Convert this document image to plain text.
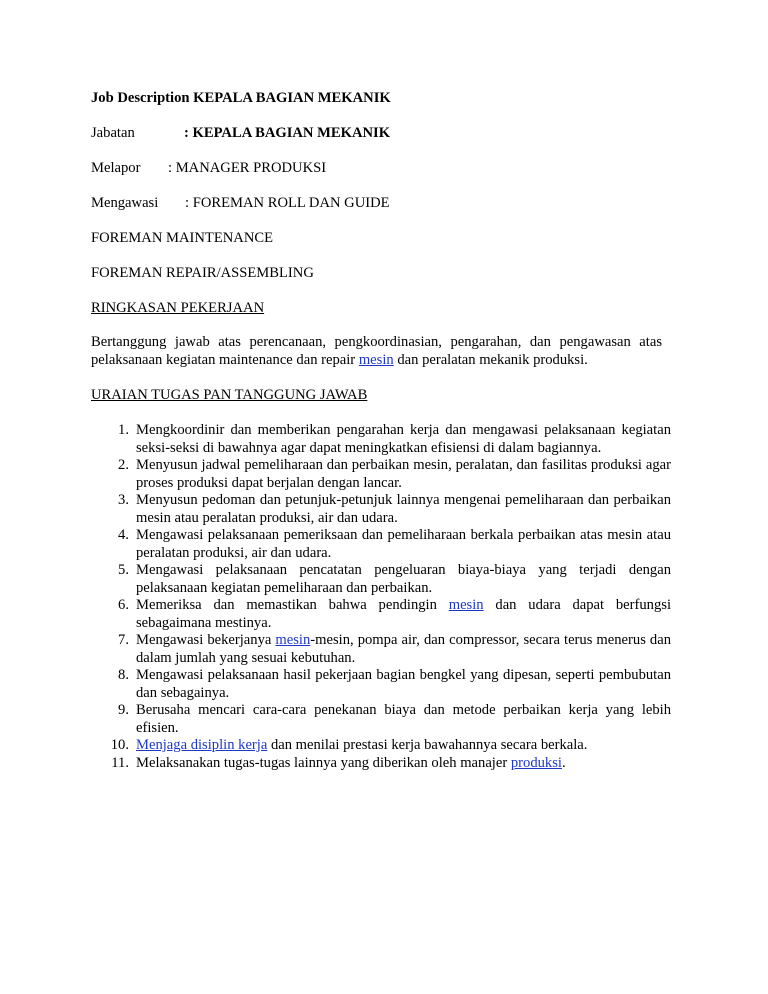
Job Description KEPALA BAGIAN MEKANIK
Jabatan	: KEPALA BAGIAN MEKANIK
Melapor : MANAGER PRODUKSI
Mengawasi : FOREMAN ROLL DAN GUIDE
FOREMAN MAINTENANCE
FOREMAN REPAIR/ASSEMBLING
RINGKASAN PEKERJAAN
Bertanggung jawab atas perencanaan, pengkoordinasian, pengarahan, dan pengawasan atas pelaksanaan kegiatan maintenance dan repair mesin dan peralatan mekanik produksi.
URAIAN TUGAS PAN TANGGUNG JAWAB
1. Mengkoordinir dan memberikan pengarahan kerja dan mengawasi pelaksanaan kegiatan seksi-seksi di bawahnya agar dapat meningkatkan efisiensi di dalam bagiannya.
2. Menyusun jadwal pemeliharaan dan perbaikan mesin, peralatan, dan fasilitas produksi agar proses produksi dapat berjalan dengan lancar.
3. Menyusun pedoman dan petunjuk-petunjuk lainnya mengenai pemeliharaan dan perbaikan mesin atau peralatan produksi, air dan udara.
4. Mengawasi pelaksanaan pemeriksaan dan pemeliharaan berkala perbaikan atas mesin atau peralatan produksi, air dan udara.
5. Mengawasi pelaksanaan pencatatan pengeluaran biaya-biaya yang terjadi dengan pelaksanaan kegiatan pemeliharaan dan perbaikan.
6. Memeriksa dan memastikan bahwa pendingin mesin dan udara dapat berfungsi sebagaimana mestinya.
7. Mengawasi bekerjanya mesin-mesin, pompa air, dan compressor, secara terus menerus dan dalam jumlah yang sesuai kebutuhan.
8. Mengawasi pelaksanaan hasil pekerjaan bagian bengkel yang dipesan, seperti pembubutan dan sebagainya.
9. Berusaha mencari cara-cara penekanan biaya dan metode perbaikan kerja yang lebih efisien.
10. Menjaga disiplin kerja dan menilai prestasi kerja bawahannya secara berkala.
11. Melaksanakan tugas-tugas lainnya yang diberikan oleh manajer produksi.
